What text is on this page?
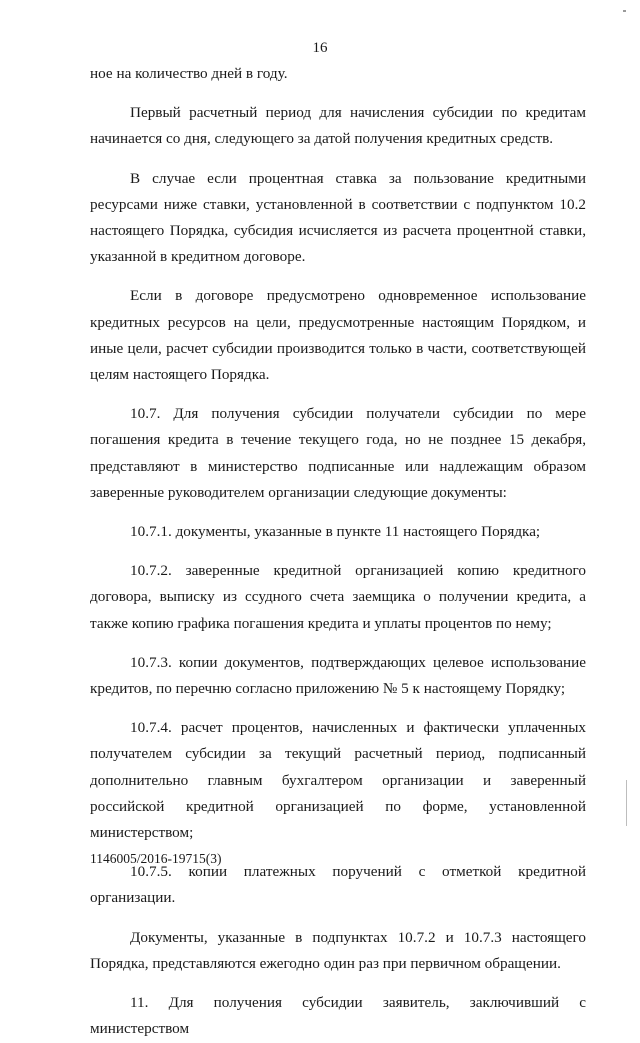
16

ное на количество дней в году.

Первый расчетный период для начисления субсидии по кредитам начинается со дня, следующего за датой получения кредитных средств.

В случае если процентная ставка за пользование кредитными ресурсами ниже ставки, установленной в соответствии с подпунктом 10.2 настоящего Порядка, субсидия исчисляется из расчета процентной ставки, указанной в кредитном договоре.

Если в договоре предусмотрено одновременное использование кредитных ресурсов на цели, предусмотренные настоящим Порядком, и иные цели, расчет субсидии производится только в части, соответствующей целям настоящего Порядка.

10.7. Для получения субсидии получатели субсидии по мере погашения кредита в течение текущего года, но не позднее 15 декабря, представляют в министерство подписанные или надлежащим образом заверенные руководителем организации следующие документы:

10.7.1. документы, указанные в пункте 11 настоящего Порядка;

10.7.2. заверенные кредитной организацией копию кредитного договора, выписку из ссудного счета заемщика о получении кредита, а также копию графика погашения кредита и уплаты процентов по нему;

10.7.3. копии документов, подтверждающих целевое использование кредитов, по перечню согласно приложению № 5 к настоящему Порядку;

10.7.4. расчет процентов, начисленных и фактически уплаченных получателем субсидии за текущий расчетный период, подписанный дополнительно главным бухгалтером организации и заверенный российской кредитной организацией по форме, установленной министерством;

10.7.5. копии платежных поручений с отметкой кредитной организации.

Документы, указанные в подпунктах 10.7.2 и 10.7.3 настоящего Порядка, представляются ежегодно один раз при первичном обращении.

11. Для получения субсидии заявитель, заключивший с министерством

1146005/2016-19715(3)
